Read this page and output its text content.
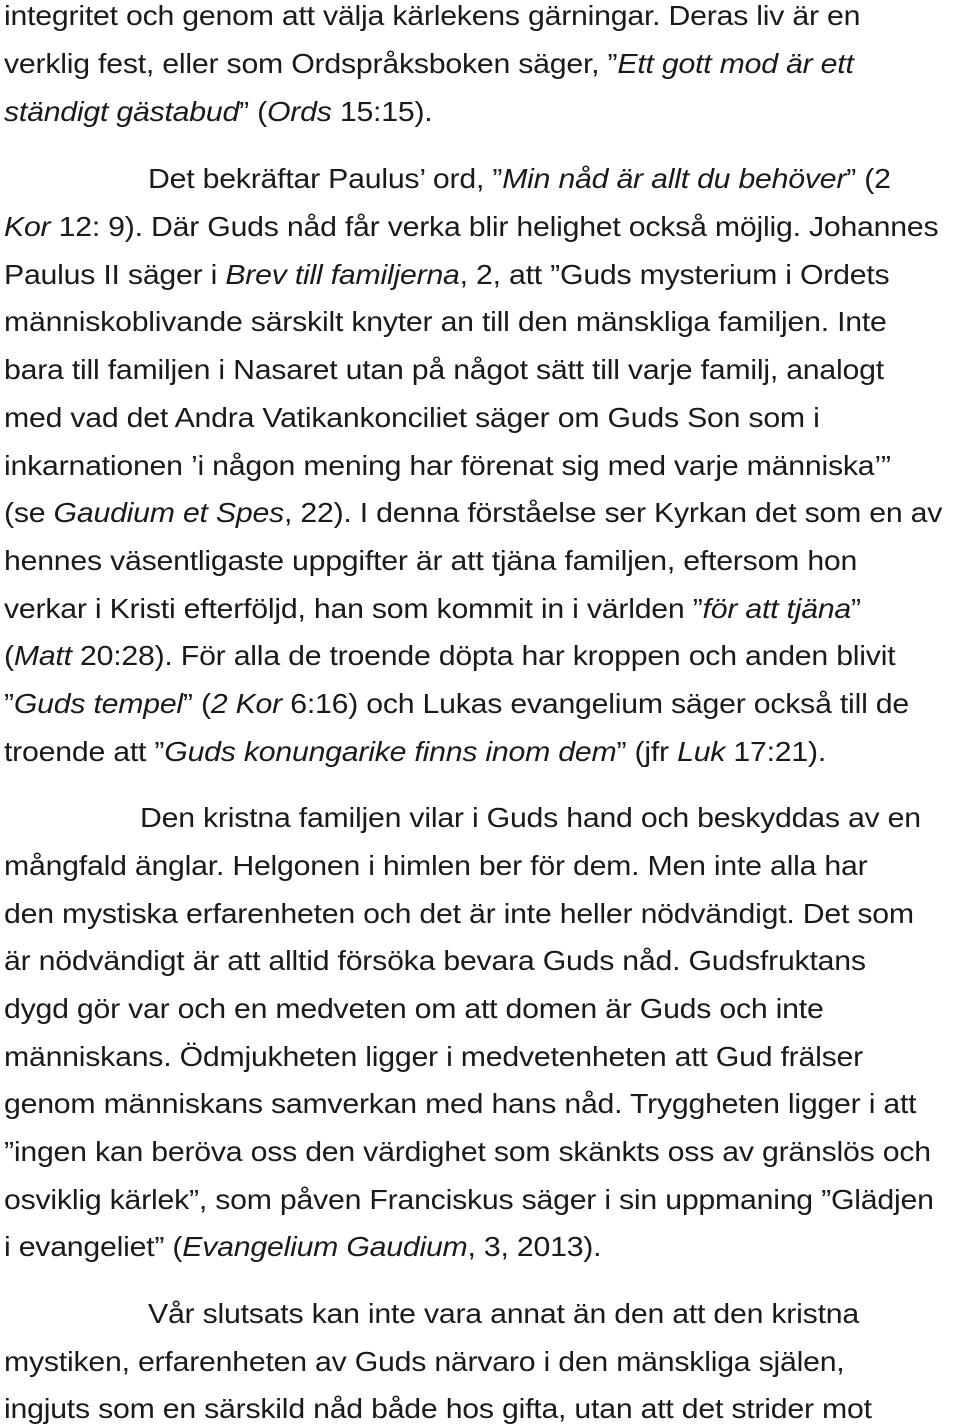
integritet och genom att välja kärlekens gärningar. Deras liv är en
verklig fest, eller som Ordspråksboken säger, ”Ett gott mod är ett
ständigt gästabud” (Ords 15:15).
Det bekräftar Paulus’ ord, ”Min nåd är allt du behöver” (2
Kor 12: 9). Där Guds nåd får verka blir helighet också möjlig. Johannes
Paulus II säger i Brev till familjerna, 2, att ”Guds mysterium i Ordets
människoblivande särskilt knyter an till den mänskliga familjen. Inte
bara till familjen i Nasaret utan på något sätt till varje familj, analogt
med vad det Andra Vatikankonciliet säger om Guds Son som i
inkarnationen ’i någon mening har förenat sig med varje människa’”
(se Gaudium et Spes, 22). I denna förståelse ser Kyrkan det som en av
hennes väsentligaste uppgifter är att tjäna familjen, eftersom hon
verkar i Kristi efterföljd, han som kommit in i världen ”för att tjäna”
(Matt 20:28). För alla de troende döpta har kroppen och anden blivit
”Guds tempel” (2 Kor 6:16) och Lukas evangelium säger också till de
troende att ”Guds konungarike finns inom dem” (jfr Luk 17:21).
Den kristna familjen vilar i Guds hand och beskyddas av en
mångfald änglar. Helgonen i himlen ber för dem. Men inte alla har
den mystiska erfarenheten och det är inte heller nödvändigt. Det som
är nödvändigt är att alltid försöka bevara Guds nåd. Gudsfruktans
dygd gör var och en medveten om att domen är Guds och inte
människans. Ödmjukheten ligger i medvetenheten att Gud frälser
genom människans samverkan med hans nåd. Tryggheten ligger i att
”ingen kan beröva oss den värdighet som skänkts oss av gränslös och
osviklig kärlek”, som påven Franciskus säger i sin uppmaning ”Glädjen
i evangeliet” (Evangelium Gaudium, 3, 2013).
Vår slutsats kan inte vara annat än den att den kristna
mystiken, erfarenheten av Guds närvaro i den mänskliga själen,
ingjuts som en särskild nåd både hos gifta, utan att det strider mot
